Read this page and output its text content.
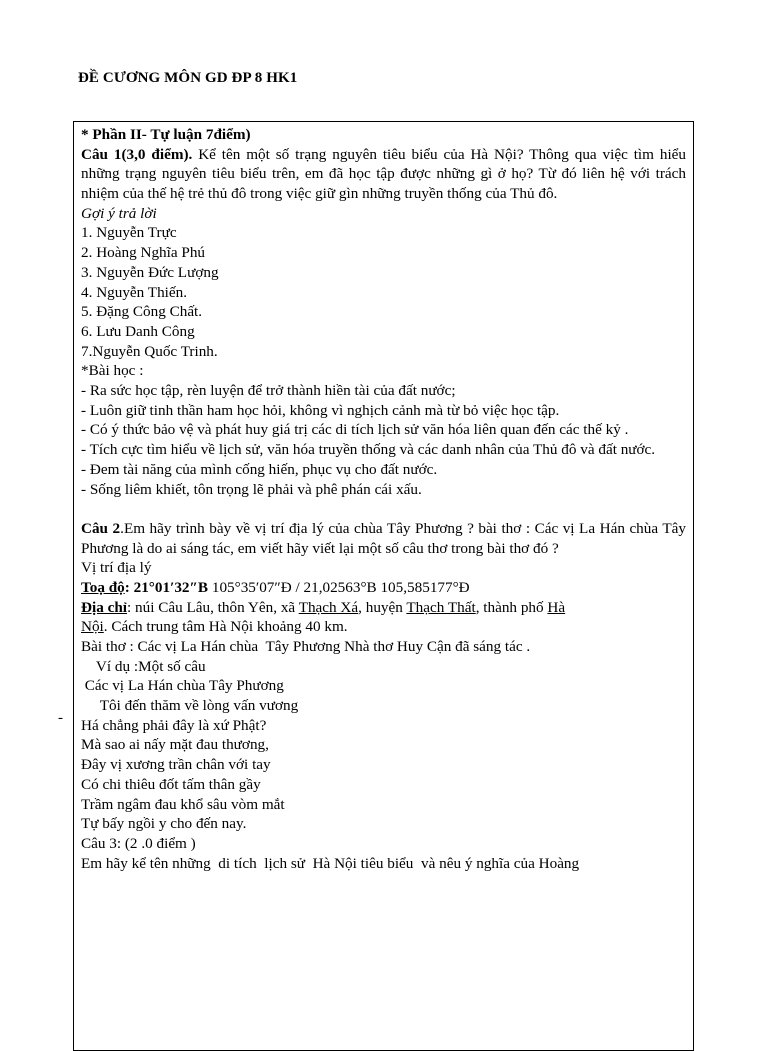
ĐỀ CƯƠNG MÔN GD ĐP 8 HK1
-
* Phần II- Tự luận 7điểm)
Câu 1(3,0 điểm). Kể tên một số trạng nguyên tiêu biểu của Hà Nội? Thông qua việc tìm hiểu những trạng nguyên tiêu biểu trên, em đã học tập được những gì ở họ? Từ đó liên hệ với trách nhiệm của thế hệ trẻ thủ đô trong việc giữ gìn những truyền thống của Thủ đô.
Gợi ý trả lời
1. Nguyễn Trực
2. Hoàng Nghĩa Phú
3. Nguyễn Đức Lượng
4. Nguyễn Thiến.
5. Đặng Công Chất.
6. Lưu Danh Công
7.Nguyễn Quốc Trinh.
*Bài học :
- Ra sức học tập, rèn luyện để trở thành hiền tài của đất nước;
- Luôn giữ tinh thần ham học hỏi, không vì nghịch cảnh mà từ bỏ việc học tập.
- Có ý thức bảo vệ và phát huy giá trị các di tích lịch sử văn hóa liên quan đến các thế kỷ .
- Tích cực tìm hiểu về lịch sử, văn hóa truyền thống và các danh nhân của Thủ đô và đất nước.
- Đem tài năng của mình cống hiến, phục vụ cho đất nước.
- Sống liêm khiết, tôn trọng lẽ phải và phê phán cái xấu.
Câu 2.Em hãy trình bày về vị trí địa lý của chùa Tây Phương ? bài thơ : Các vị La Hán chùa Tây Phương là do ai sáng tác, em viết hãy viết lại một số câu thơ trong bài thơ đó ?
Vị trí địa lý
Toạ độ: 21°01′32″B 105°35′07″Đ / 21,02563°B 105,585177°Đ
Địa chỉ: núi Câu Lâu, thôn Yên, xã Thạch Xá, huyện Thạch Thất, thành phố Hà
Nội. Cách trung tâm Hà Nội khoảng 40 km.
Bài thơ : Các vị La Hán chùa  Tây Phương Nhà thơ Huy Cận đã sáng tác .
Ví dụ :Một số câu
Các vị La Hán chùa Tây Phương
Tôi đến thăm về lòng vấn vương
Há chẳng phải đây là xứ Phật?
Mà sao ai nấy mặt đau thương,
Đây vị xương trần chân với tay
Có chi thiêu đốt tấm thân gầy
Trầm ngâm đau khổ sâu vòm mắt
Tự bấy ngồi y cho đến nay.
Câu 3: (2 .0 điểm )
Em hãy kể tên những  di tích  lịch sử  Hà Nội tiêu biểu  và nêu ý nghĩa của Hoàng
